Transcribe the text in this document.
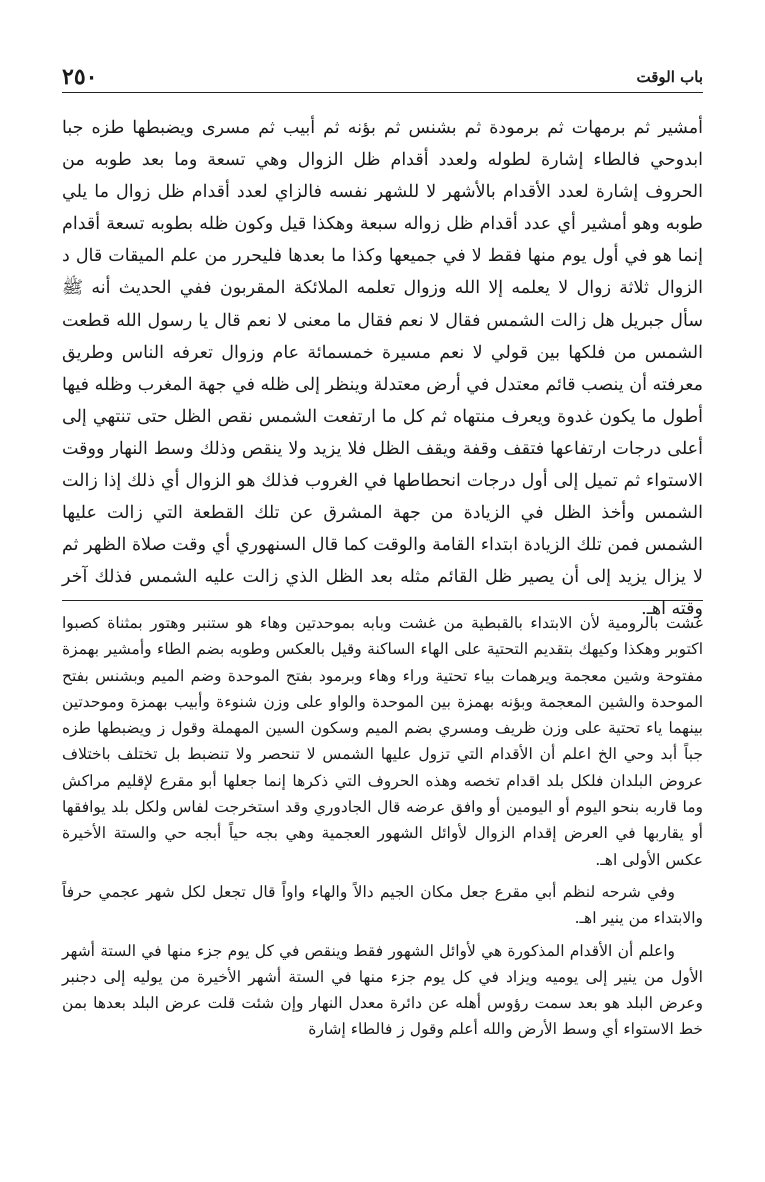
باب الوقت
٢٥٠

أمشير ثم برمهات ثم برمودة ثم بشنس ثم بؤنه ثم أبيب ثم مسرى ويضبطها طزه جبا ابدوحي فالطاء إشارة لطوله ولعدد أقدام ظل الزوال وهي تسعة وما بعد طوبه من الحروف إشارة لعدد الأقدام بالأشهر لا للشهر نفسه فالزاي لعدد أقدام ظل زوال ما يلي طوبه وهو أمشير أي عدد أقدام ظل زواله سبعة وهكذا قيل وكون ظله بطوبه تسعة أقدام إنما هو في أول يوم منها فقط لا في جميعها وكذا ما بعدها فليحرر من علم الميقات قال د الزوال ثلاثة زوال لا يعلمه إلا الله وزوال تعلمه الملائكة المقربون ففي الحديث أنه ﷺ سأل جبريل هل زالت الشمس فقال لا نعم فقال ما معنى لا نعم قال يا رسول الله قطعت الشمس من فلكها بين قولي لا نعم مسيرة خمسمائة عام وزوال تعرفه الناس وطريق معرفته أن ينصب قائم معتدل في أرض معتدلة وينظر إلى ظله في جهة المغرب وظله فيها أطول ما يكون غدوة ويعرف منتهاه ثم كل ما ارتفعت الشمس نقص الظل حتى تنتهي إلى أعلى درجات ارتفاعها فتقف وقفة ويقف الظل فلا يزيد ولا ينقص وذلك وسط النهار ووقت الاستواء ثم تميل إلى أول درجات انحطاطها في الغروب فذلك هو الزوال أي ذلك إذا زالت الشمس وأخذ الظل في الزيادة من جهة المشرق عن تلك القطعة التي زالت عليها الشمس فمن تلك الزيادة ابتداء القامة والوقت كما قال السنهوري أي وقت صلاة الظهر ثم لا يزال يزيد إلى أن يصير ظل القائم مثله بعد الظل الذي زالت عليه الشمس فذلك آخر وقته اهـ.

غشت بالرومية لأن الابتداء بالقبطية من غشت وبابه بموحدتين وهاء هو ستنبر وهتور بمثناة كصبوا اكتوبر وهكذا وكيهك بتقديم التحتية على الهاء الساكنة وقيل بالعكس وطوبه بضم الطاء وأمشير بهمزة مفتوحة وشين معجمة ويرهمات بياء تحتية وراء وهاء وبرمود بفتح الموحدة وضم الميم وبشنس بفتح الموحدة والشين المعجمة وبؤنه بهمزة بين الموحدة والواو على وزن شنوءة وأبيب بهمزة وموحدتين بينهما ياء تحتية على وزن ظريف ومسري بضم الميم وسكون السين المهملة وقول ز ويضبطها طزه جباً أبد وحي الخ اعلم أن الأقدام التي تزول عليها الشمس لا تنحصر ولا تنضبط بل تختلف باختلاف عروض البلدان فلكل بلد اقدام تخصه وهذه الحروف التي ذكرها إنما جعلها أبو مقرع لإقليم مراكش وما قاربه بنحو اليوم أو اليومين أو وافق عرضه قال الجادوري وقد استخرجت لفاس ولكل بلد يوافقها أو يقاربها في العرض إقدام الزوال لأوائل الشهور العجمية وهي بجه حياً أبجه حي والستة الأخيرة عكس الأولى اهـ.

وفي شرحه لنظم أبي مقرع جعل مكان الجيم دالاً والهاء واواً قال تجعل لكل شهر عجمي حرفاً والابتداء من ينير اهـ.

واعلم أن الأقدام المذكورة هي لأوائل الشهور فقط وينقص في كل يوم جزء منها في الستة أشهر الأول من ينير إلى يوميه ويزاد في كل يوم جزء منها في الستة أشهر الأخيرة من يوليه إلى دجنبر وعرض البلد هو بعد سمت رؤوس أهله عن دائرة معدل النهار وإن شئت قلت عرض البلد بعدها بمن خط الاستواء أي وسط الأرض والله أعلم وقول ز فالطاء إشارة
